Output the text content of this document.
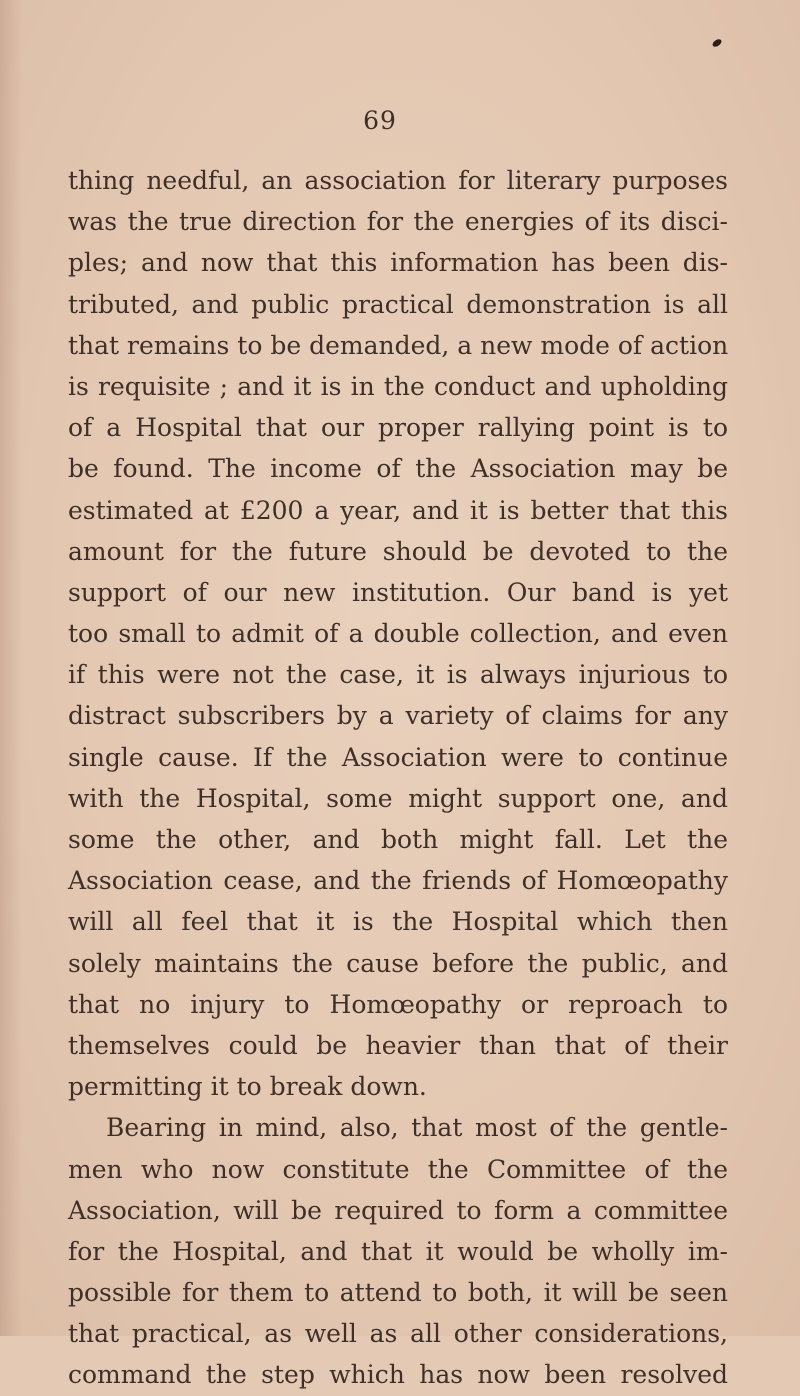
69
thing needful, an association for literary purposes
was the true direction for the energies of its disci-
ples; and now that this information has been dis-
tributed, and public practical demonstration is all
that remains to be demanded, a new mode of action
is requisite ; and it is in the conduct and upholding
of a Hospital that our proper rallying point is to
be found. The income of the Association may be
estimated at £200 a year, and it is better that this
amount for the future should be devoted to the
support of our new institution. Our band is yet
too small to admit of a double collection, and even
if this were not the case, it is always injurious to
distract subscribers by a variety of claims for any
single cause. If the Association were to continue
with the Hospital, some might support one, and
some the other, and both might fall. Let the
Association cease, and the friends of Homœopathy
will all feel that it is the Hospital which then
solely maintains the cause before the public, and
that no injury to Homœopathy or reproach to
themselves could be heavier than that of their
permitting it to break down.
Bearing in mind, also, that most of the gentle-
men who now constitute the Committee of the
Association, will be required to form a committee
for the Hospital, and that it would be wholly im-
possible for them to attend to both, it will be seen
that practical, as well as all other considerations,
command the step which has now been resolved
